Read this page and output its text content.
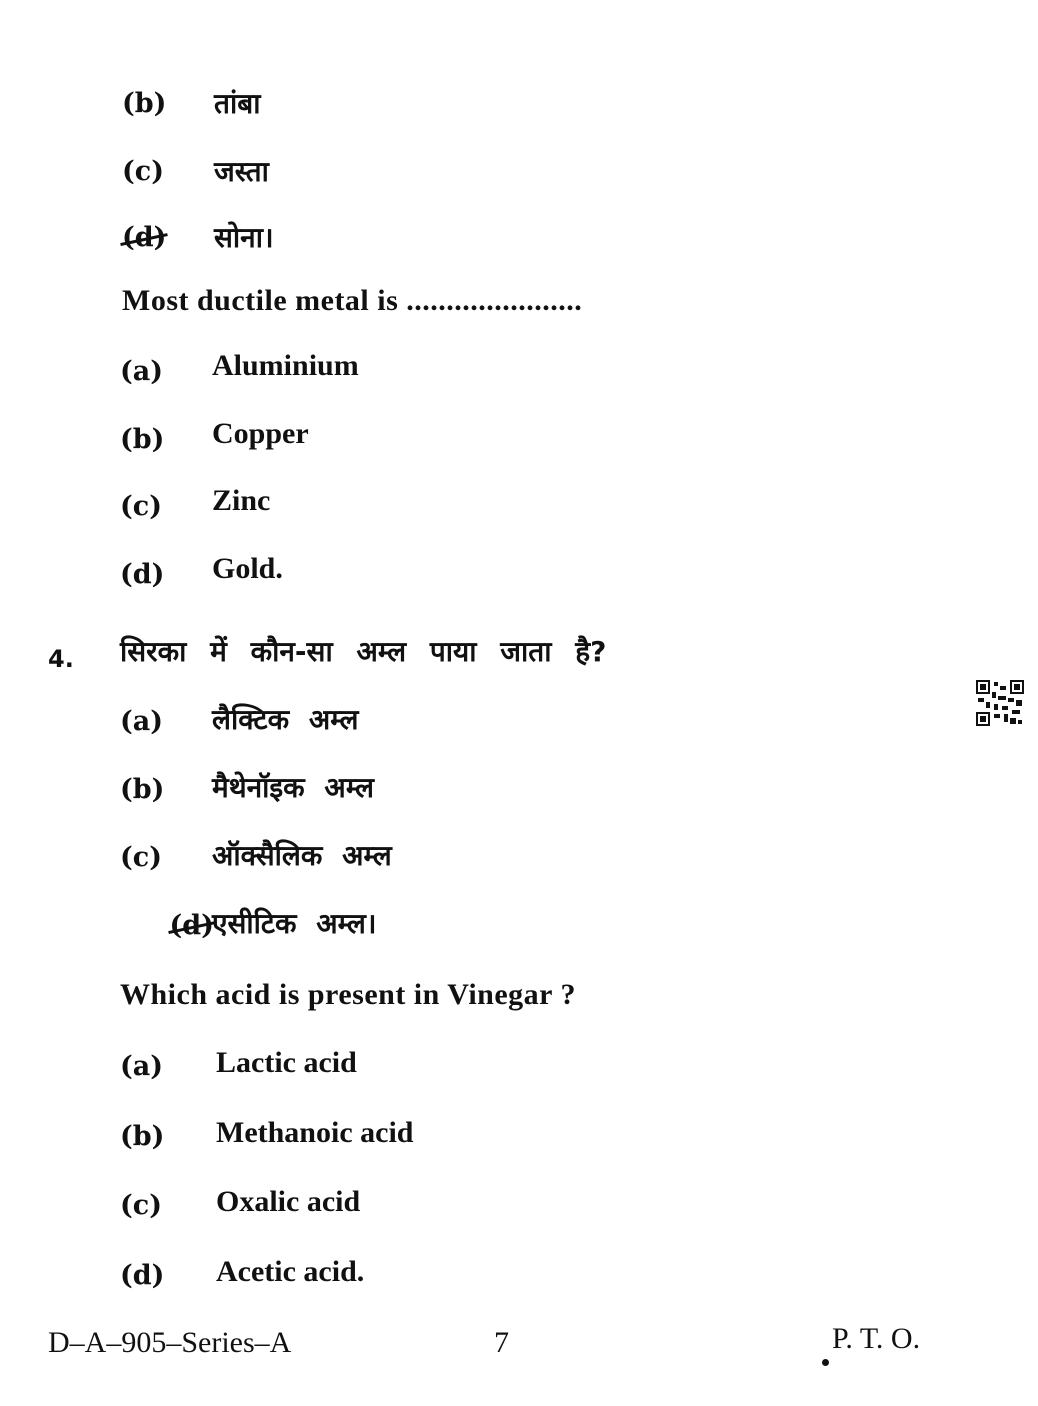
(b) तांबा
(c) जस्ता
(d) सोना।
Most ductile metal is ......................
(a) Aluminium
(b) Copper
(c) Zinc
(d) Gold.
4. सिरका में कौन-सा अम्ल पाया जाता है?
(a) लैक्टिक अम्ल
(b) मैथेनॉइक अम्ल
(c) ऑक्सैलिक अम्ल
(d)
एसीटिक अम्ल।
Which acid is present in Vinegar ?
(a) Lactic acid
(b) Methanoic acid
(c) Oxalic acid
(d) Acetic acid.
D–A–905–Series–A	7	P. T. O.
